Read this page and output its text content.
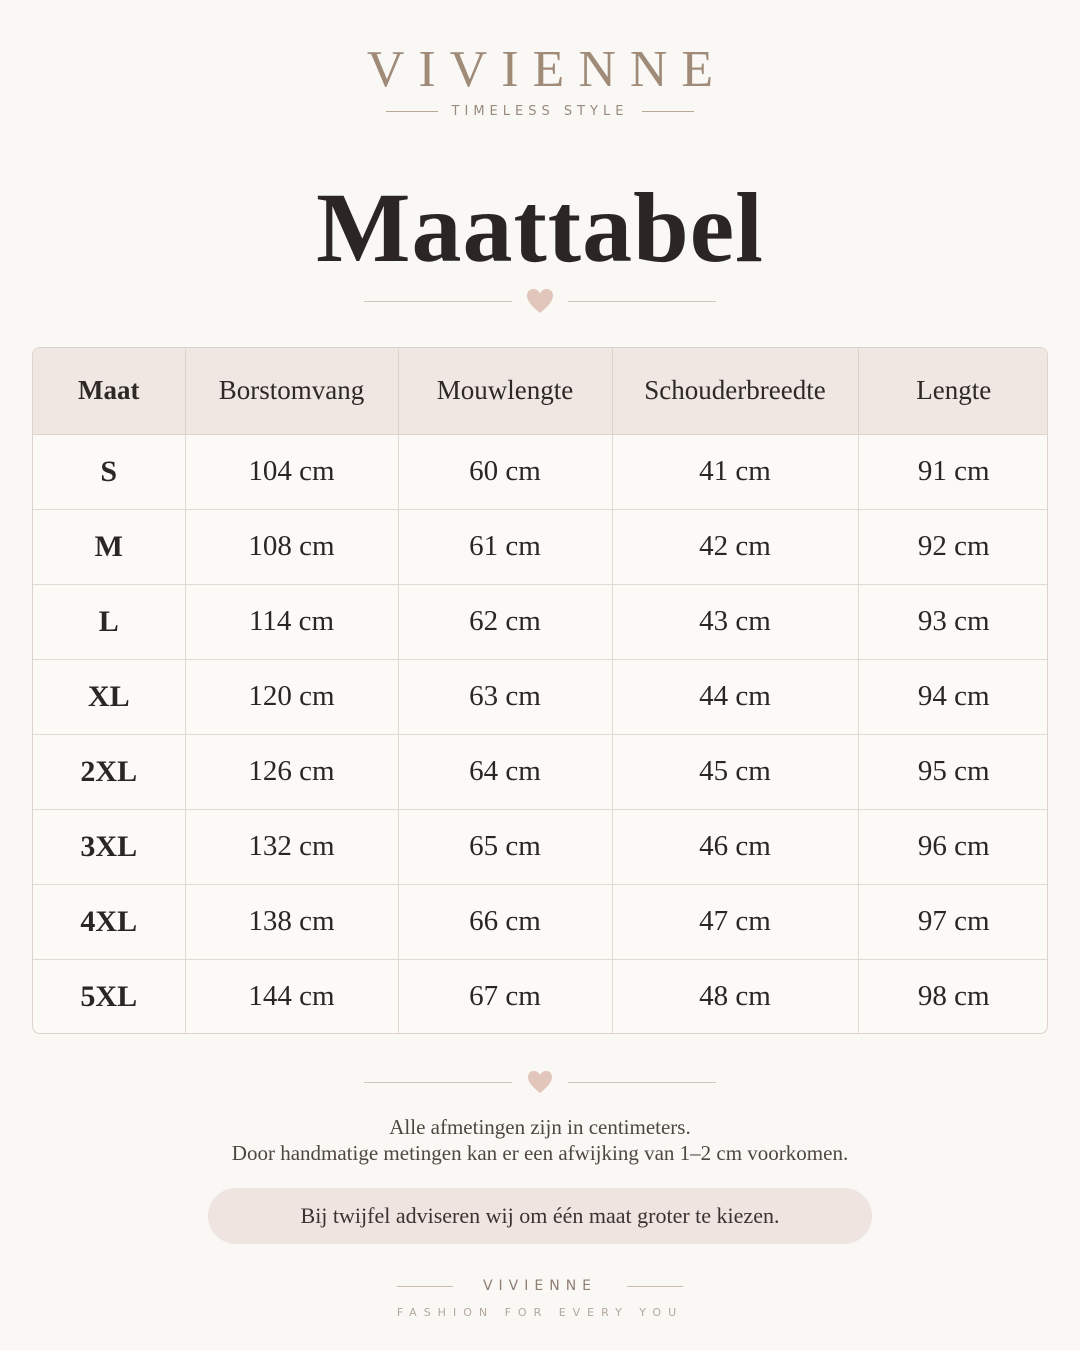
VIVIENNE
TIMELESS STYLE
Maattabel
Maat	Borstomvang	Mouwlengte	Schouderbreedte	Lengte
S	104 cm	60 cm	41 cm	91 cm
M	108 cm	61 cm	42 cm	92 cm
L	114 cm	62 cm	43 cm	93 cm
XL	120 cm	63 cm	44 cm	94 cm
2XL	126 cm	64 cm	45 cm	95 cm
3XL	132 cm	65 cm	46 cm	96 cm
4XL	138 cm	66 cm	47 cm	97 cm
5XL	144 cm	67 cm	48 cm	98 cm
Alle afmetingen zijn in centimeters.
Door handmatige metingen kan er een afwijking van 1–2 cm voorkomen.
Bij twijfel adviseren wij om één maat groter te kiezen.
VIVIENNE
FASHION FOR EVERY YOU
